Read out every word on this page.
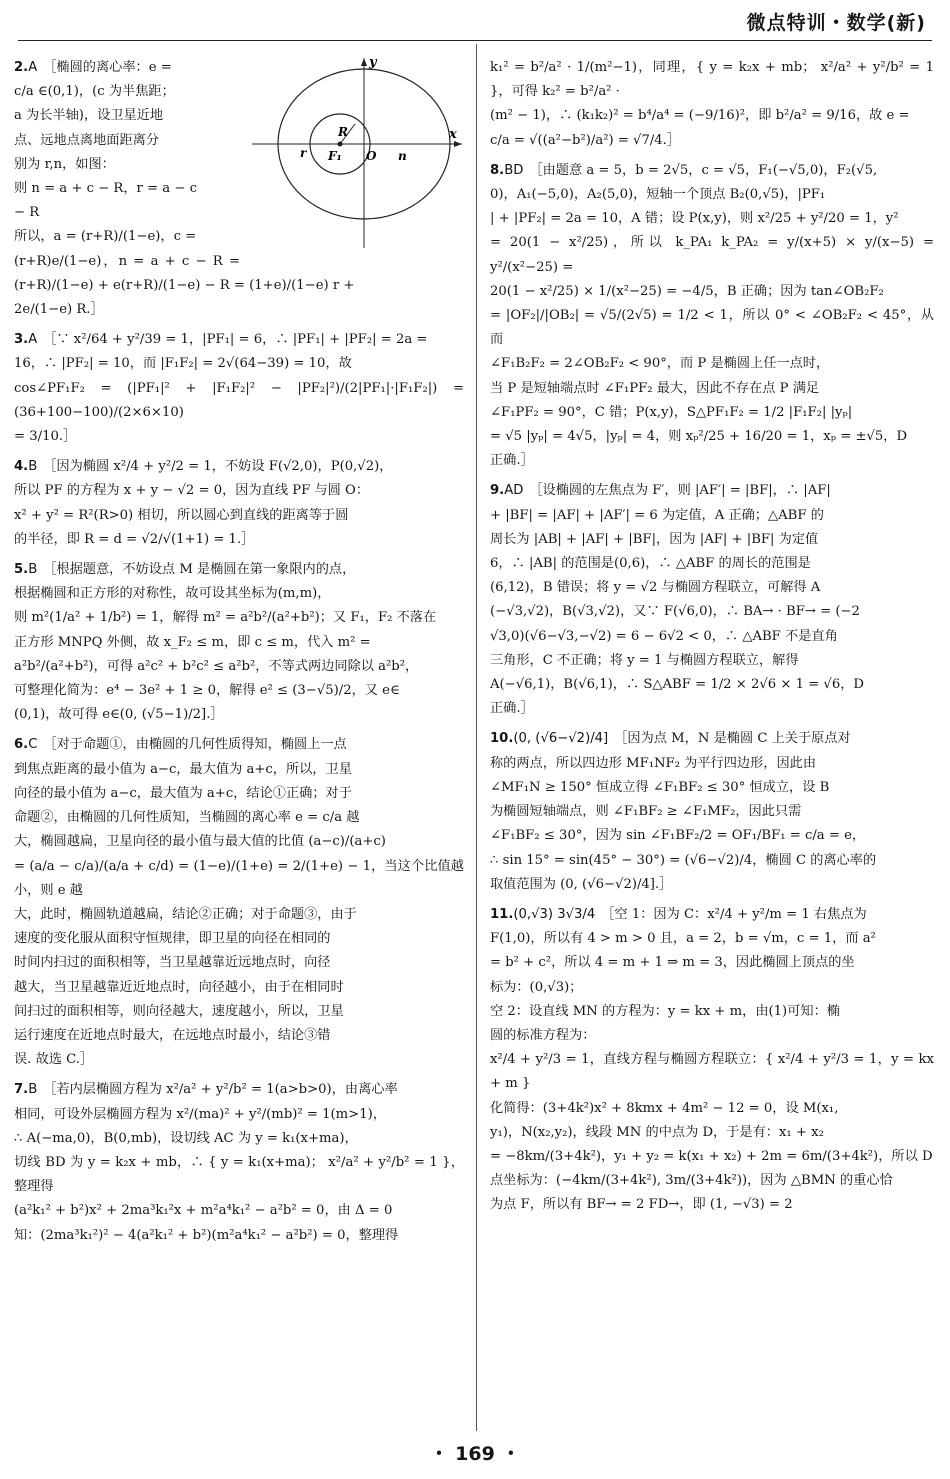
微点特训・数学(新)
y
x
R
F₁ O
r	n
2.A ［椭圆的离心率：e =
c/a ∈(0,1)，(c 为半焦距；
a 为长半轴)，设卫星近地
点、远地点离地面距离分
别为 r,n，如图：
则 n = a + c − R，r = a − c
− R
所以，a = (r+R)/(1−e)，c =
(r+R)e/(1−e)，n = a + c − R = (r+R)/(1−e) + e(r+R)/(1−e) − R = (1+e)/(1−e) r +
2e/(1−e) R.］
3.A ［∵ x²/64 + y²/39 = 1，|PF₁| = 6，∴ |PF₁| + |PF₂| = 2a =
16，∴ |PF₂| = 10，而 |F₁F₂| = 2√(64−39) = 10，故
cos∠PF₁F₂ = (|PF₁|² + |F₁F₂|² − |PF₂|²)/(2|PF₁|·|F₁F₂|) = (36+100−100)/(2×6×10)
= 3/10.］
4.B ［因为椭圆 x²/4 + y²/2 = 1，不妨设 F(√2,0)，P(0,√2)，
所以 PF 的方程为 x + y − √2 = 0，因为直线 PF 与圆 O：
x² + y² = R²(R>0) 相切，所以圆心到直线的距离等于圆
的半径，即 R = d = √2/√(1+1) = 1.］
5.B ［根据题意，不妨设点 M 是椭圆在第一象限内的点，
根据椭圆和正方形的对称性，故可设其坐标为(m,m)，
则 m²(1/a² + 1/b²) = 1，解得 m² = a²b²/(a²+b²)；又 F₁，F₂ 不落在
正方形 MNPQ 外侧，故 x_F₂ ≤ m，即 c ≤ m，代入 m² =
a²b²/(a²+b²)，可得 a²c² + b²c² ≤ a²b²，不等式两边同除以 a²b²，
可整理化简为：e⁴ − 3e² + 1 ≥ 0，解得 e² ≤ (3−√5)/2，又 e∈
(0,1)，故可得 e∈(0, (√5−1)/2].］
6.C ［对于命题①，由椭圆的几何性质得知，椭圆上一点
到焦点距离的最小值为 a−c，最大值为 a+c，所以，卫星
向径的最小值为 a−c，最大值为 a+c，结论①正确；对于
命题②，由椭圆的几何性质知，当椭圆的离心率 e = c/a 越
大，椭圆越扁，卫星向径的最小值与最大值的比值 (a−c)/(a+c)
= (a/a − c/a)/(a/a + c/d) = (1−e)/(1+e) = 2/(1+e) − 1，当这个比值越小，则 e 越
大，此时，椭圆轨道越扁，结论②正确；对于命题③，由于
速度的变化服从面积守恒规律，即卫星的向径在相同的
时间内扫过的面积相等，当卫星越靠近远地点时，向径
越大，当卫星越靠近近地点时，向径越小，由于在相同时
间扫过的面积相等，则向径越大，速度越小，所以，卫星
运行速度在近地点时最大，在远地点时最小，结论③错
误. 故选 C.］
7.B ［若内层椭圆方程为 x²/a² + y²/b² = 1(a>b>0)，由离心率
相同，可设外层椭圆方程为 x²/(ma)² + y²/(mb)² = 1(m>1)，
∴ A(−ma,0)，B(0,mb)，设切线 AC 为 y = k₁(x+ma)，
切线 BD 为 y = k₂x + mb，∴ { y = k₁(x+ma)； x²/a² + y²/b² = 1 }，整理得
(a²k₁² + b²)x² + 2ma³k₁²x + m²a⁴k₁² − a²b² = 0，由 Δ = 0
知：(2ma³k₁²)² − 4(a²k₁² + b²)(m²a⁴k₁² − a²b²) = 0，整理得
k₁² = b²/a² · 1/(m²−1)，同理，{ y = k₂x + mb； x²/a² + y²/b² = 1 }，可得 k₂² = b²/a² ·
(m² − 1)，∴ (k₁k₂)² = b⁴/a⁴ = (−9/16)²，即 b²/a² = 9/16，故 e =
c/a = √((a²−b²)/a²) = √7/4.］
8.BD ［由题意 a = 5，b = 2√5，c = √5，F₁(−√5,0)，F₂(√5,
0)，A₁(−5,0)，A₂(5,0)，短轴一个顶点 B₂(0,√5)，|PF₁
| + |PF₂| = 2a = 10，A 错；设 P(x,y)，则 x²/25 + y²/20 = 1，y²
= 20(1 − x²/25)，所以 k_PA₁ k_PA₂ = y/(x+5) × y/(x−5) = y²/(x²−25) =
20(1 − x²/25) × 1/(x²−25) = −4/5，B 正确；因为 tan∠OB₂F₂
= |OF₂|/|OB₂| = √5/(2√5) = 1/2 < 1，所以 0° < ∠OB₂F₂ < 45°，从而
∠F₁B₂F₂ = 2∠OB₂F₂ < 90°，而 P 是椭圆上任一点时，
当 P 是短轴端点时 ∠F₁PF₂ 最大，因此不存在点 P 满足
∠F₁PF₂ = 90°，C 错；P(x,y)，S△PF₁F₂ = 1/2 |F₁F₂| |yₚ|
= √5 |yₚ| = 4√5，|yₚ| = 4，则 xₚ²/25 + 16/20 = 1，xₚ = ±√5，D
正确.］
9.AD ［设椭圆的左焦点为 F′，则 |AF′| = |BF|，∴ |AF|
+ |BF| = |AF| + |AF′| = 6 为定值，A 正确；△ABF 的
周长为 |AB| + |AF| + |BF|，因为 |AF| + |BF| 为定值
6，∴ |AB| 的范围是(0,6)，∴ △ABF 的周长的范围是
(6,12)，B 错误；将 y = √2 与椭圆方程联立，可解得 A
(−√3,√2)，B(√3,√2)，又∵ F(√6,0)，∴ BA→ · BF→ = (−2
√3,0)(√6−√3,−√2) = 6 − 6√2 < 0，∴ △ABF 不是直角
三角形，C 不正确；将 y = 1 与椭圆方程联立，解得
A(−√6,1)，B(√6,1)，∴ S△ABF = 1/2 × 2√6 × 1 = √6，D
正确.］
10.(0, (√6−√2)/4] ［因为点 M，N 是椭圆 C 上关于原点对
称的两点，所以四边形 MF₁NF₂ 为平行四边形，因此由
∠MF₁N ≥ 150° 恒成立得 ∠F₁BF₂ ≤ 30° 恒成立，设 B
为椭圆短轴端点，则 ∠F₁BF₂ ≥ ∠F₁MF₂，因此只需
∠F₁BF₂ ≤ 30°，因为 sin ∠F₁BF₂/2 = OF₁/BF₁ = c/a = e，
∴ sin 15° = sin(45° − 30°) = (√6−√2)/4，椭圆 C 的离心率的
取值范围为 (0, (√6−√2)/4].］
11.(0,√3) 3√3/4 ［空 1：因为 C：x²/4 + y²/m = 1 右焦点为
F(1,0)，所以有 4 > m > 0 且，a = 2，b = √m，c = 1，而 a²
= b² + c²，所以 4 = m + 1 ⇒ m = 3，因此椭圆上顶点的坐
标为：(0,√3)；
空 2：设直线 MN 的方程为：y = kx + m，由(1)可知：椭
圆的标准方程为：
x²/4 + y²/3 = 1，直线方程与椭圆方程联立：{ x²/4 + y²/3 = 1，y = kx + m }
化简得：(3+4k²)x² + 8kmx + 4m² − 12 = 0，设 M(x₁,
y₁)，N(x₂,y₂)，线段 MN 的中点为 D，于是有：x₁ + x₂
= −8km/(3+4k²)，y₁ + y₂ = k(x₁ + x₂) + 2m = 6m/(3+4k²)，所以 D
点坐标为：(−4km/(3+4k²), 3m/(3+4k²))，因为 △BMN 的重心恰
为点 F，所以有 BF→ = 2 FD→，即 (1, −√3) = 2
・ 169 ・
